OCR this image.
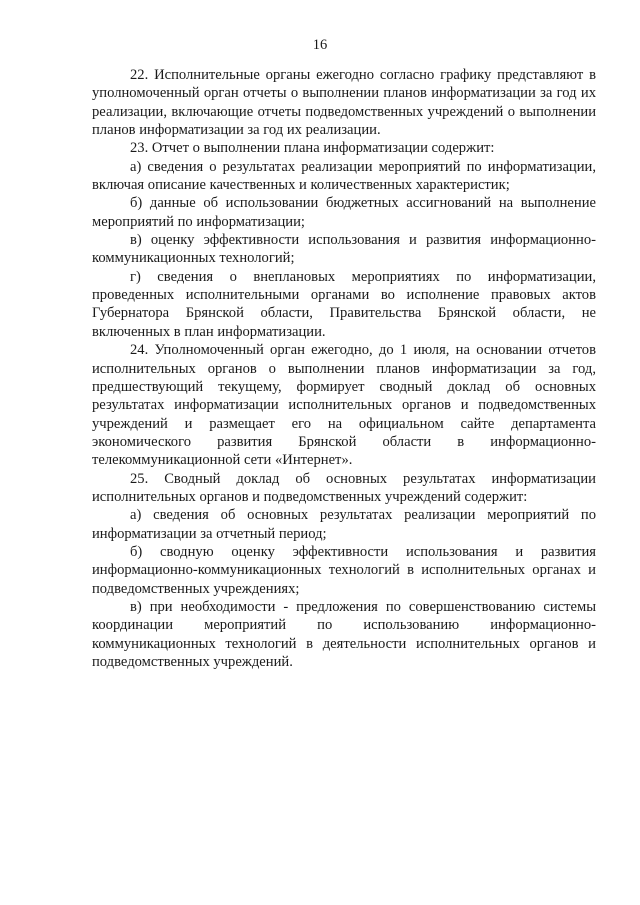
16

22. Исполнительные органы ежегодно согласно графику представляют в уполномоченный орган отчеты о выполнении планов информатизации за год их реализации, включающие отчеты подведомственных учреждений о выполнении планов информатизации за год их реализации.

23. Отчет о выполнении плана информатизации содержит:

а) сведения о результатах реализации мероприятий по информатизации, включая описание качественных и количественных характеристик;

б) данные об использовании бюджетных ассигнований на выполнение мероприятий по информатизации;

в) оценку эффективности использования и развития информационно-коммуникационных технологий;

г) сведения о внеплановых мероприятиях по информатизации, проведенных исполнительными органами во исполнение правовых актов Губернатора Брянской области, Правительства Брянской области, не включенных в план информатизации.

24. Уполномоченный орган ежегодно, до 1 июля, на основании отчетов исполнительных органов о выполнении планов информатизации за год, предшествующий текущему, формирует сводный доклад об основных результатах информатизации исполнительных органов и подведомственных учреждений и размещает его на официальном сайте департамента экономического развития Брянской области в информационно-телекоммуникационной сети «Интернет».

25. Сводный доклад об основных результатах информатизации исполнительных органов и подведомственных учреждений содержит:

а) сведения об основных результатах реализации мероприятий по информатизации за отчетный период;

б) сводную оценку эффективности использования и развития информационно-коммуникационных технологий в исполнительных органах и подведомственных учреждениях;

в) при необходимости - предложения по совершенствованию системы координации мероприятий по использованию информационно-коммуникационных технологий в деятельности исполнительных органов и подведомственных учреждений.
